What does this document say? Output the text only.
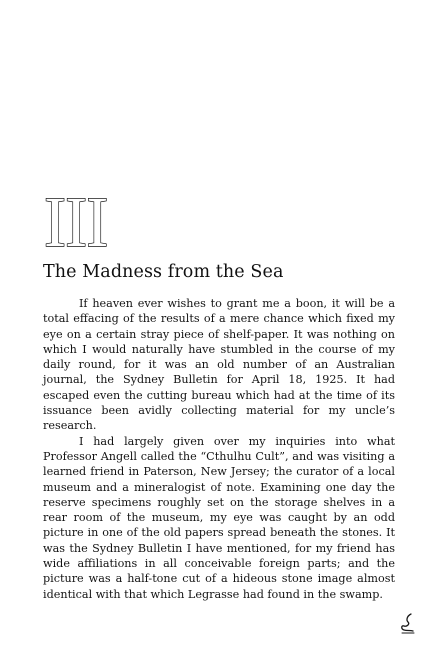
III
The Madness from the Sea

If heaven ever wishes to grant me a boon, it will be a total effacing of the results of a mere chance which fixed my eye on a certain stray piece of shelf-paper. It was nothing on which I would naturally have stumbled in the course of my daily round, for it was an old number of an Australian journal, the Sydney Bulletin for April 18, 1925. It had escaped even the cutting bureau which had at the time of its issuance been avidly collecting material for my uncle’s research.

I had largely given over my inquiries into what Professor Angell called the “Cthulhu Cult”, and was visiting a learned friend in Paterson, New Jersey; the curator of a local museum and a mineralogist of note. Examining one day the reserve specimens roughly set on the storage shelves in a rear room of the museum, my eye was caught by an odd picture in one of the old papers spread beneath the stones. It was the Sydney Bulletin I have mentioned, for my friend has wide affiliations in all conceivable foreign parts; and the picture was a half-tone cut of a hideous stone image almost identical with that which Legrasse had found in the swamp.
